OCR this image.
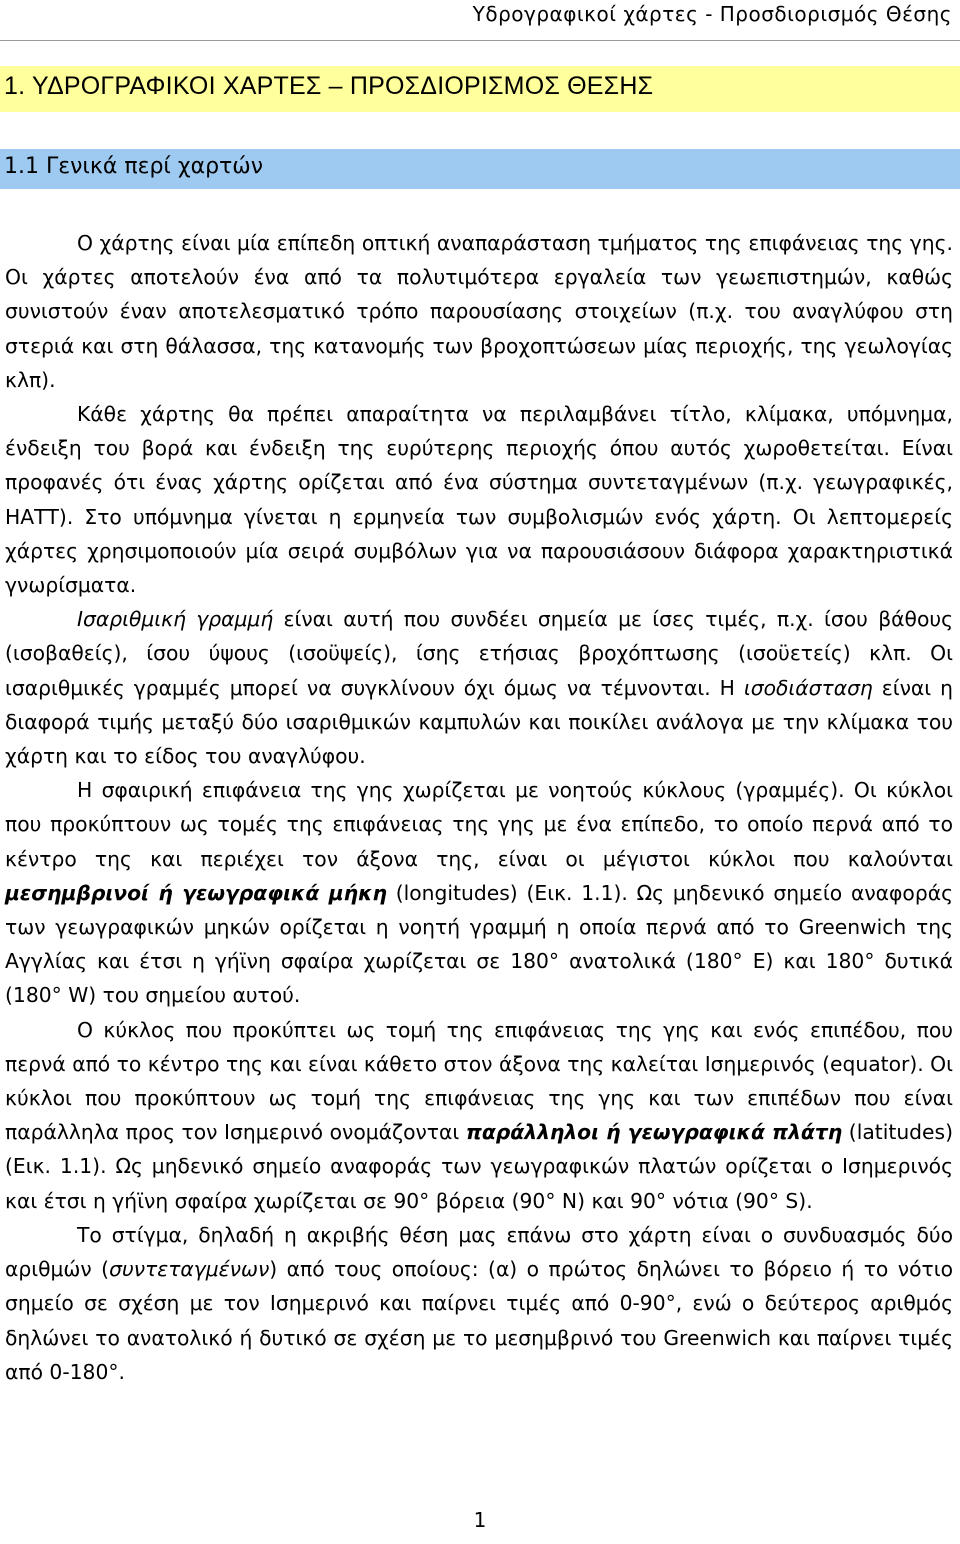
Υδρογραφικοί χάρτες - Προσδιορισμός Θέσης
1. ΥΔΡΟΓΡΑΦΙΚΟΙ ΧΑΡΤΕΣ – ΠΡΟΣΔΙΟΡΙΣΜΟΣ ΘΕΣΗΣ
1.1 Γενικά περί χαρτών

Ο χάρτης είναι μία επίπεδη οπτική αναπαράσταση τμήματος της επιφάνειας της γης. Οι χάρτες αποτελούν ένα από τα πολυτιμότερα εργαλεία των γεωεπιστημών, καθώς συνιστούν έναν αποτελεσματικό τρόπο παρουσίασης στοιχείων (π.χ. του αναγλύφου στη στεριά και στη θάλασσα, της κατανομής των βροχοπτώσεων μίας περιοχής, της γεωλογίας κλπ).

Κάθε χάρτης θα πρέπει απαραίτητα να περιλαμβάνει τίτλο, κλίμακα, υπόμνημα, ένδειξη του βορά και ένδειξη της ευρύτερης περιοχής όπου αυτός χωροθετείται. Είναι προφανές ότι ένας χάρτης ορίζεται από ένα σύστημα συντεταγμένων (π.χ. γεωγραφικές, ΗΑΤΤ). Στο υπόμνημα γίνεται η ερμηνεία των συμβολισμών ενός χάρτη. Οι λεπτομερείς χάρτες χρησιμοποιούν μία σειρά συμβόλων για να παρουσιάσουν διάφορα χαρακτηριστικά γνωρίσματα.

Ισαριθμική γραμμή είναι αυτή που συνδέει σημεία με ίσες τιμές, π.χ. ίσου βάθους (ισοβαθείς), ίσου ύψους (ισοϋψείς), ίσης ετήσιας βροχόπτωσης (ισοϋετείς) κλπ. Οι ισαριθμικές γραμμές μπορεί να συγκλίνουν όχι όμως να τέμνονται. Η ισοδιάσταση είναι η διαφορά τιμής μεταξύ δύο ισαριθμικών καμπυλών και ποικίλει ανάλογα με την κλίμακα του χάρτη και το είδος του αναγλύφου.

Η σφαιρική επιφάνεια της γης χωρίζεται με νοητούς κύκλους (γραμμές). Οι κύκλοι που προκύπτουν ως τομές της επιφάνειας της γης με ένα επίπεδο, το οποίο περνά από το κέντρο της και περιέχει τον άξονα της, είναι οι μέγιστοι κύκλοι που καλούνται μεσημβρινοί ή γεωγραφικά μήκη (longitudes) (Εικ. 1.1). Ως μηδενικό σημείο αναφοράς των γεωγραφικών μηκών ορίζεται η νοητή γραμμή η οποία περνά από το Greenwich της Αγγλίας και έτσι η γήϊνη σφαίρα χωρίζεται σε 180° ανατολικά (180° Ε) και 180° δυτικά (180° W) του σημείου αυτού.

Ο κύκλος που προκύπτει ως τομή της επιφάνειας της γης και ενός επιπέδου, που περνά από το κέντρο της και είναι κάθετο στον άξονα της καλείται Ισημερινός (equator). Οι κύκλοι που προκύπτουν ως τομή της επιφάνειας της γης και των επιπέδων που είναι παράλληλα προς τον Ισημερινό ονομάζονται παράλληλοι ή γεωγραφικά πλάτη (latitudes) (Εικ. 1.1). Ως μηδενικό σημείο αναφοράς των γεωγραφικών πλατών ορίζεται ο Ισημερινός και έτσι η γήϊνη σφαίρα χωρίζεται σε 90° βόρεια (90° N) και 90° νότια (90° S).

Το στίγμα, δηλαδή η ακριβής θέση μας επάνω στο χάρτη είναι ο συνδυασμός δύο αριθμών (συντεταγμένων) από τους οποίους: (α) ο πρώτος δηλώνει το βόρειο ή το νότιο σημείο σε σχέση με τον Ισημερινό και παίρνει τιμές από 0-90°, ενώ ο δεύτερος αριθμός δηλώνει το ανατολικό ή δυτικό σε σχέση με το μεσημβρινό του Greenwich και παίρνει τιμές από 0-180°.

1
